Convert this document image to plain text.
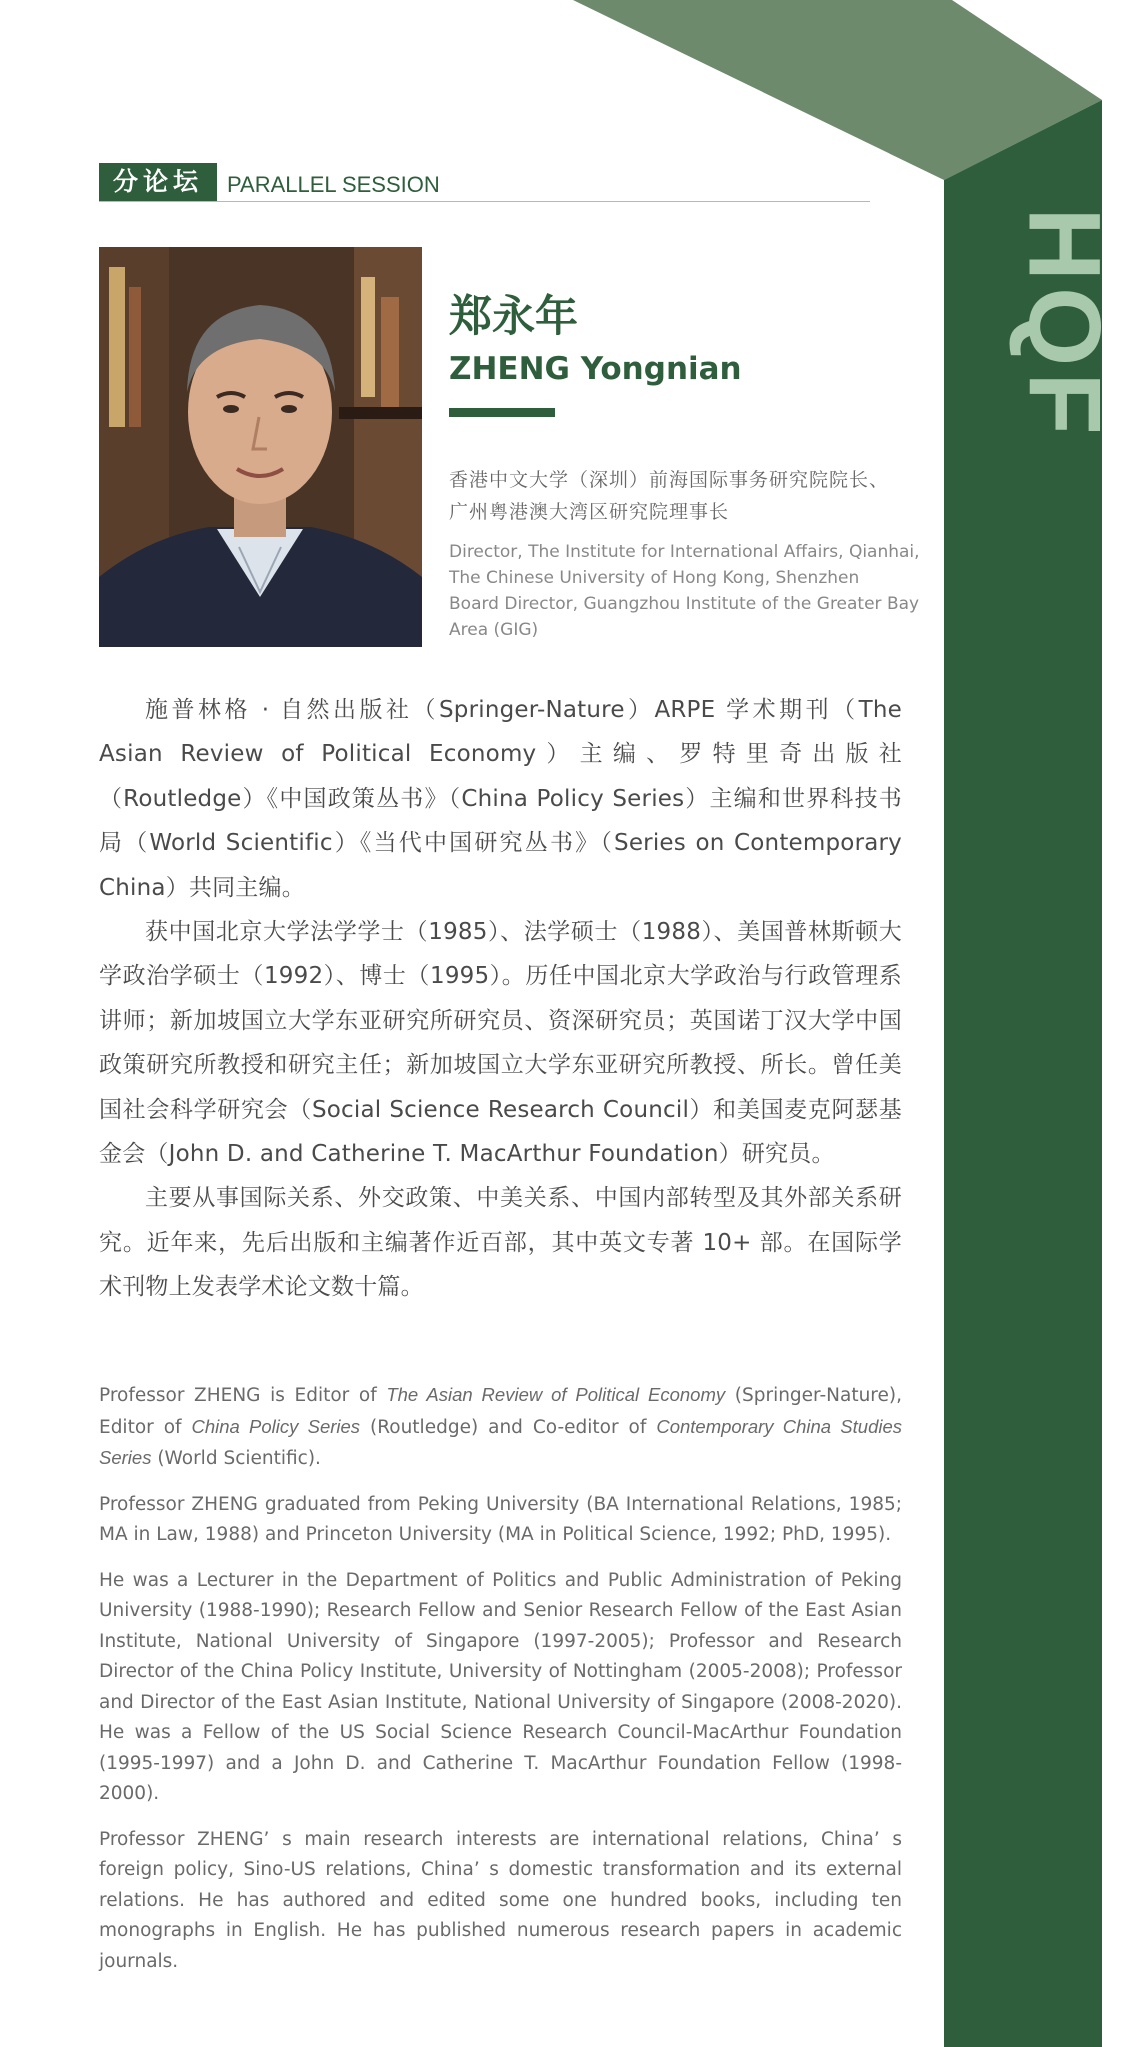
HQF
分论坛	PARALLEL SESSION
郑永年
ZHENG Yongnian
香港中文大学（深圳）前海国际事务研究院院长、
广州粤港澳大湾区研究院理事长
Director, The Institute for International Affairs, Qianhai,
The Chinese University of Hong Kong, Shenzhen
Board Director, Guangzhou Institute of the Greater Bay
Area (GIG)

施普林格 · 自然出版社（Springer-Nature）ARPE 学术期刊（The Asian Review of Political Economy）主编、罗特里奇出版社（Routledge）《中国政策丛书》（China Policy Series）主编和世界科技书局（World Scientific）《当代中国研究丛书》（Series on Contemporary China）共同主编。

获中国北京大学法学学士（1985）、法学硕士（1988）、美国普林斯顿大学政治学硕士（1992）、博士（1995）。历任中国北京大学政治与行政管理系讲师；新加坡国立大学东亚研究所研究员、资深研究员；英国诺丁汉大学中国政策研究所教授和研究主任；新加坡国立大学东亚研究所教授、所长。曾任美国社会科学研究会（Social Science Research Council）和美国麦克阿瑟基金会（John D. and Catherine T. MacArthur Foundation）研究员。

主要从事国际关系、外交政策、中美关系、中国内部转型及其外部关系研究。近年来，先后出版和主编著作近百部，其中英文专著 10+ 部。在国际学术刊物上发表学术论文数十篇。

Professor ZHENG is Editor of The Asian Review of Political Economy (Springer-Nature), Editor of China Policy Series (Routledge) and Co-editor of Contemporary China Studies Series (World Scientific).

Professor ZHENG graduated from Peking University (BA International Relations, 1985; MA in Law, 1988) and Princeton University (MA in Political Science, 1992; PhD, 1995).

He was a Lecturer in the Department of Politics and Public Administration of Peking University (1988-1990); Research Fellow and Senior Research Fellow of the East Asian Institute, National University of Singapore (1997-2005); Professor and Research Director of the China Policy Institute, University of Nottingham (2005-2008); Professor and Director of the East Asian Institute, National University of Singapore (2008-2020). He was a Fellow of the US Social Science Research Council-MacArthur Foundation (1995-1997) and a John D. and Catherine T. MacArthur Foundation Fellow (1998-2000).

Professor ZHENG’ s main research interests are international relations, China’ s foreign policy, Sino-US relations, China’ s domestic transformation and its external relations. He has authored and edited some one hundred books, including ten monographs in English. He has published numerous research papers in academic journals.
